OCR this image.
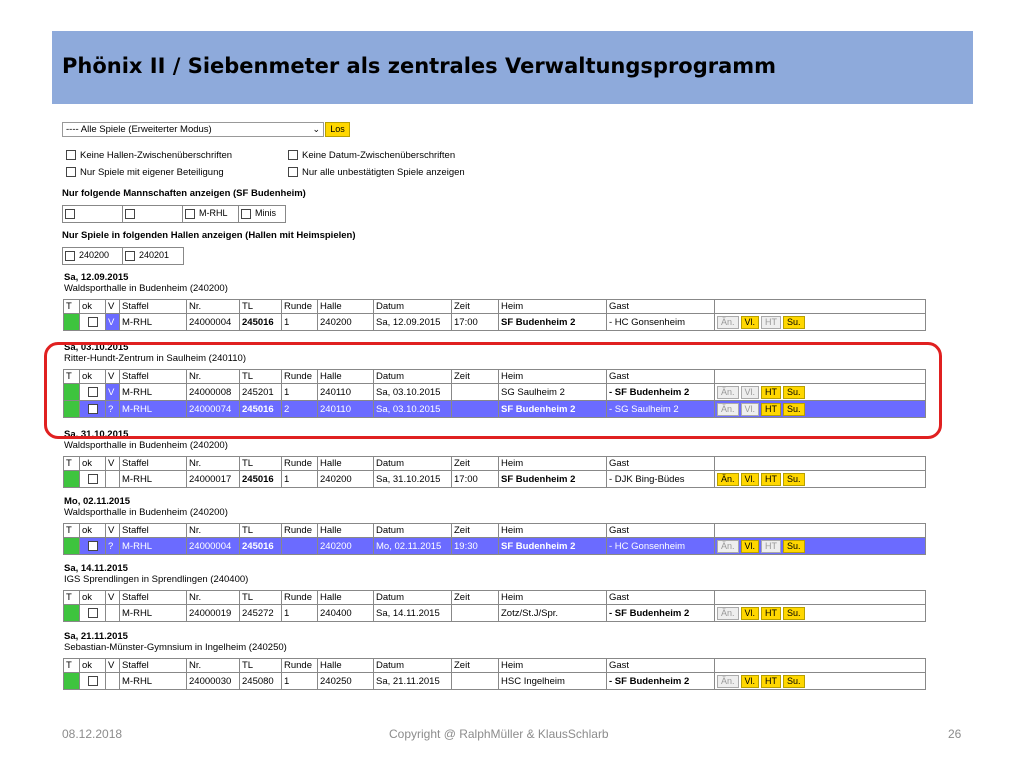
Phönix II / Siebenmeter als zentrales Verwaltungsprogramm
---- Alle Spiele (Erweiterter Modus)	⌄	Los
Keine Hallen-Zwischenüberschriften	Keine Datum-Zwischenüberschriften
Nur Spiele mit eigener Beteiligung	Nur alle unbestätigten Spiele anzeigen
Nur folgende Mannschaften anzeigen (SF Budenheim)
M-RHL	Minis
Nur Spiele in folgenden Hallen anzeigen (Hallen mit Heimspielen)
240200	240201
Sa, 12.09.2015
Waldsporthalle in Budenheim (240200)
T	ok	V	Staffel	Nr.	TL	Runde	Halle	Datum	Zeit	Heim	Gast	
		V	M-RHL	24000004	245016	1	240200	Sa, 12.09.2015	17:00	SF Budenheim 2	- HC Gonsenheim	Än. Vl. HT Su.
Sa, 03.10.2015
Ritter-Hundt-Zentrum in Saulheim (240110)
T	ok	V	Staffel	Nr.	TL	Runde	Halle	Datum	Zeit	Heim	Gast	
		V	M-RHL	24000008	245201	1	240110	Sa, 03.10.2015		SG Saulheim 2	- SF Budenheim 2	Än. Vl. HT Su.
		?	M-RHL	24000074	245016	2	240110	Sa, 03.10.2015		SF Budenheim 2	- SG Saulheim 2	Än. Vl. HT Su.
Sa, 31.10.2015
Waldsporthalle in Budenheim (240200)
T	ok	V	Staffel	Nr.	TL	Runde	Halle	Datum	Zeit	Heim	Gast	
			M-RHL	24000017	245016	1	240200	Sa, 31.10.2015	17:00	SF Budenheim 2	- DJK Bing-Büdes	Än. Vl. HT Su.
Mo, 02.11.2015
Waldsporthalle in Budenheim (240200)
T	ok	V	Staffel	Nr.	TL	Runde	Halle	Datum	Zeit	Heim	Gast	
		?	M-RHL	24000004	245016		240200	Mo, 02.11.2015	19:30	SF Budenheim 2	- HC Gonsenheim	Än. Vl. HT Su.
Sa, 14.11.2015
IGS Sprendlingen in Sprendlingen (240400)
T	ok	V	Staffel	Nr.	TL	Runde	Halle	Datum	Zeit	Heim	Gast	
			M-RHL	24000019	245272	1	240400	Sa, 14.11.2015		Zotz/St.J/Spr.	- SF Budenheim 2	Än. Vl. HT Su.
Sa, 21.11.2015
Sebastian-Münster-Gymnsium in Ingelheim (240250)
T	ok	V	Staffel	Nr.	TL	Runde	Halle	Datum	Zeit	Heim	Gast	
			M-RHL	24000030	245080	1	240250	Sa, 21.11.2015		HSC Ingelheim	- SF Budenheim 2	Än. Vl. HT Su.
08.12.2018	Copyright @ RalphMüller & KlausSchlarb	26
